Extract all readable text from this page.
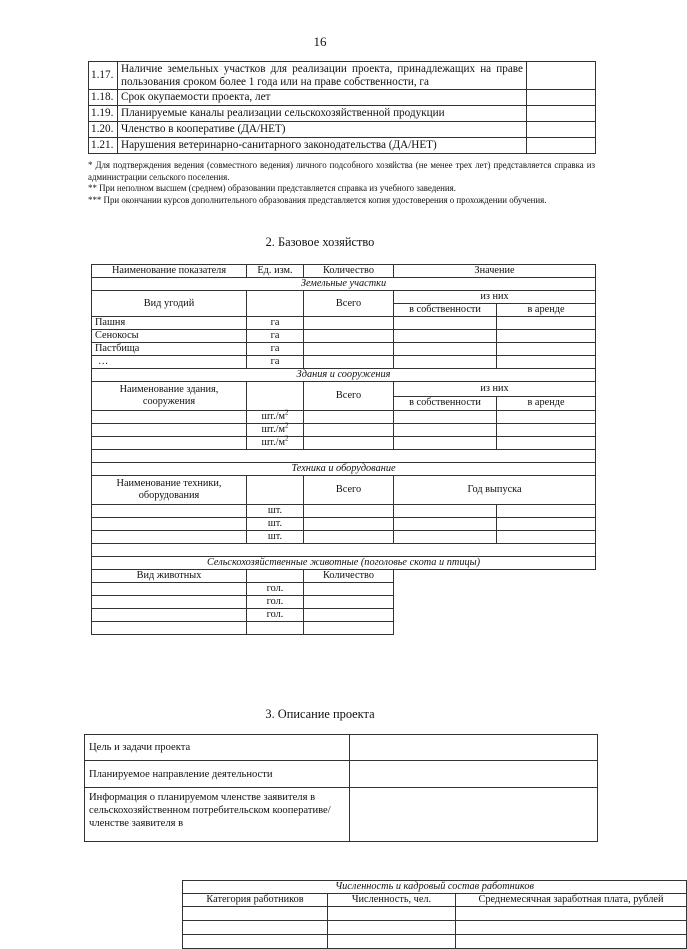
16
1.17.	Наличие земельных участков для реализации проекта, принадлежащих на праве пользования сроком более 1 года или на праве собственности, га	
1.18.	Срок окупаемости проекта, лет	
1.19.	Планируемые каналы реализации сельскохозяйственной продукции	
1.20.	Членство в кооперативе (ДА/НЕТ)	
1.21.	Нарушения ветеринарно-санитарного законодательства (ДА/НЕТ)	

* Для подтверждения ведения (совместного ведения) личного подсобного хозяйства (не менее трех лет) представляется справка из администрации сельского поселения.

** При неполном высшем (среднем) образовании представляется справка из учебного заведения.

*** При окончании курсов дополнительного образования представляется копия удостоверения о прохождении обучения.

2. Базовое хозяйство
Наименование показателя	Ед. изм.	Количество	Значение	
Земельные участки				
Вид угодий		Всего	из них	
			в собственности	в аренде
Пашня	га			
Сенокосы	га			
Пастбища	га			
…	га			
Здания и сооружения				
Наименование здания, сооружения		Всего	из них	
			в собственности	в аренде
	$шт./м^2$			
	$шт./м^2$			
	$шт./м^2$			

Техника и оборудование				
Наименование техники, оборудования		Всего	Год выпуска	
	шт.			
	шт.			
	шт.			

Сельскохозяйственные животные (поголовье скота и птицы)				
Вид животных		Количество		
	гол.			
	гол.			
	гол.			

Численность и кадровый состав работников		
Категория работников	Численность, чел.	Среднемесячная заработная плата, рублей

3. Описание проекта
Цель и задачи проекта	
Планируемое направление деятельности	
Информация о планируемом членстве заявителя в сельскохозяйственном потребительском кооперативе/членстве заявителя в	
